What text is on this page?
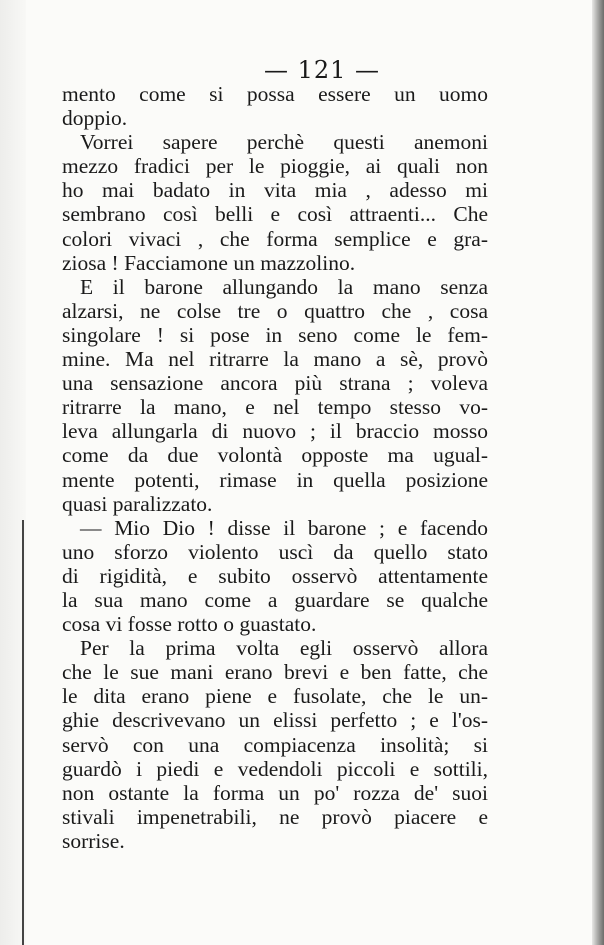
— 121 —
mento come si possa essere un uomo
doppio.
Vorrei sapere perchè questi anemoni
mezzo fradici per le pioggie, ai quali non
ho mai badato in vita mia , adesso mi
sembrano così belli e così attraenti... Che
colori vivaci , che forma semplice e gra-
ziosa ! Facciamone un mazzolino.
E il barone allungando la mano senza
alzarsi, ne colse tre o quattro che , cosa
singolare ! si pose in seno come le fem-
mine. Ma nel ritrarre la mano a sè, provò
una sensazione ancora più strana ; voleva
ritrarre la mano, e nel tempo stesso vo-
leva allungarla di nuovo ; il braccio mosso
come da due volontà opposte ma ugual-
mente potenti, rimase in quella posizione
quasi paralizzato.
— Mio Dio ! disse il barone ; e facendo
uno sforzo violento uscì da quello stato
di rigidità, e subito osservò attentamente
la sua mano come a guardare se qualche
cosa vi fosse rotto o guastato.
Per la prima volta egli osservò allora
che le sue mani erano brevi e ben fatte, che
le dita erano piene e fusolate, che le un-
ghie descrivevano un elissi perfetto ; e l'os-
servò con una compiacenza insolità; si
guardò i piedi e vedendoli piccoli e sottili,
non ostante la forma un po' rozza de' suoi
stivali impenetrabili, ne provò piacere e
sorrise.
